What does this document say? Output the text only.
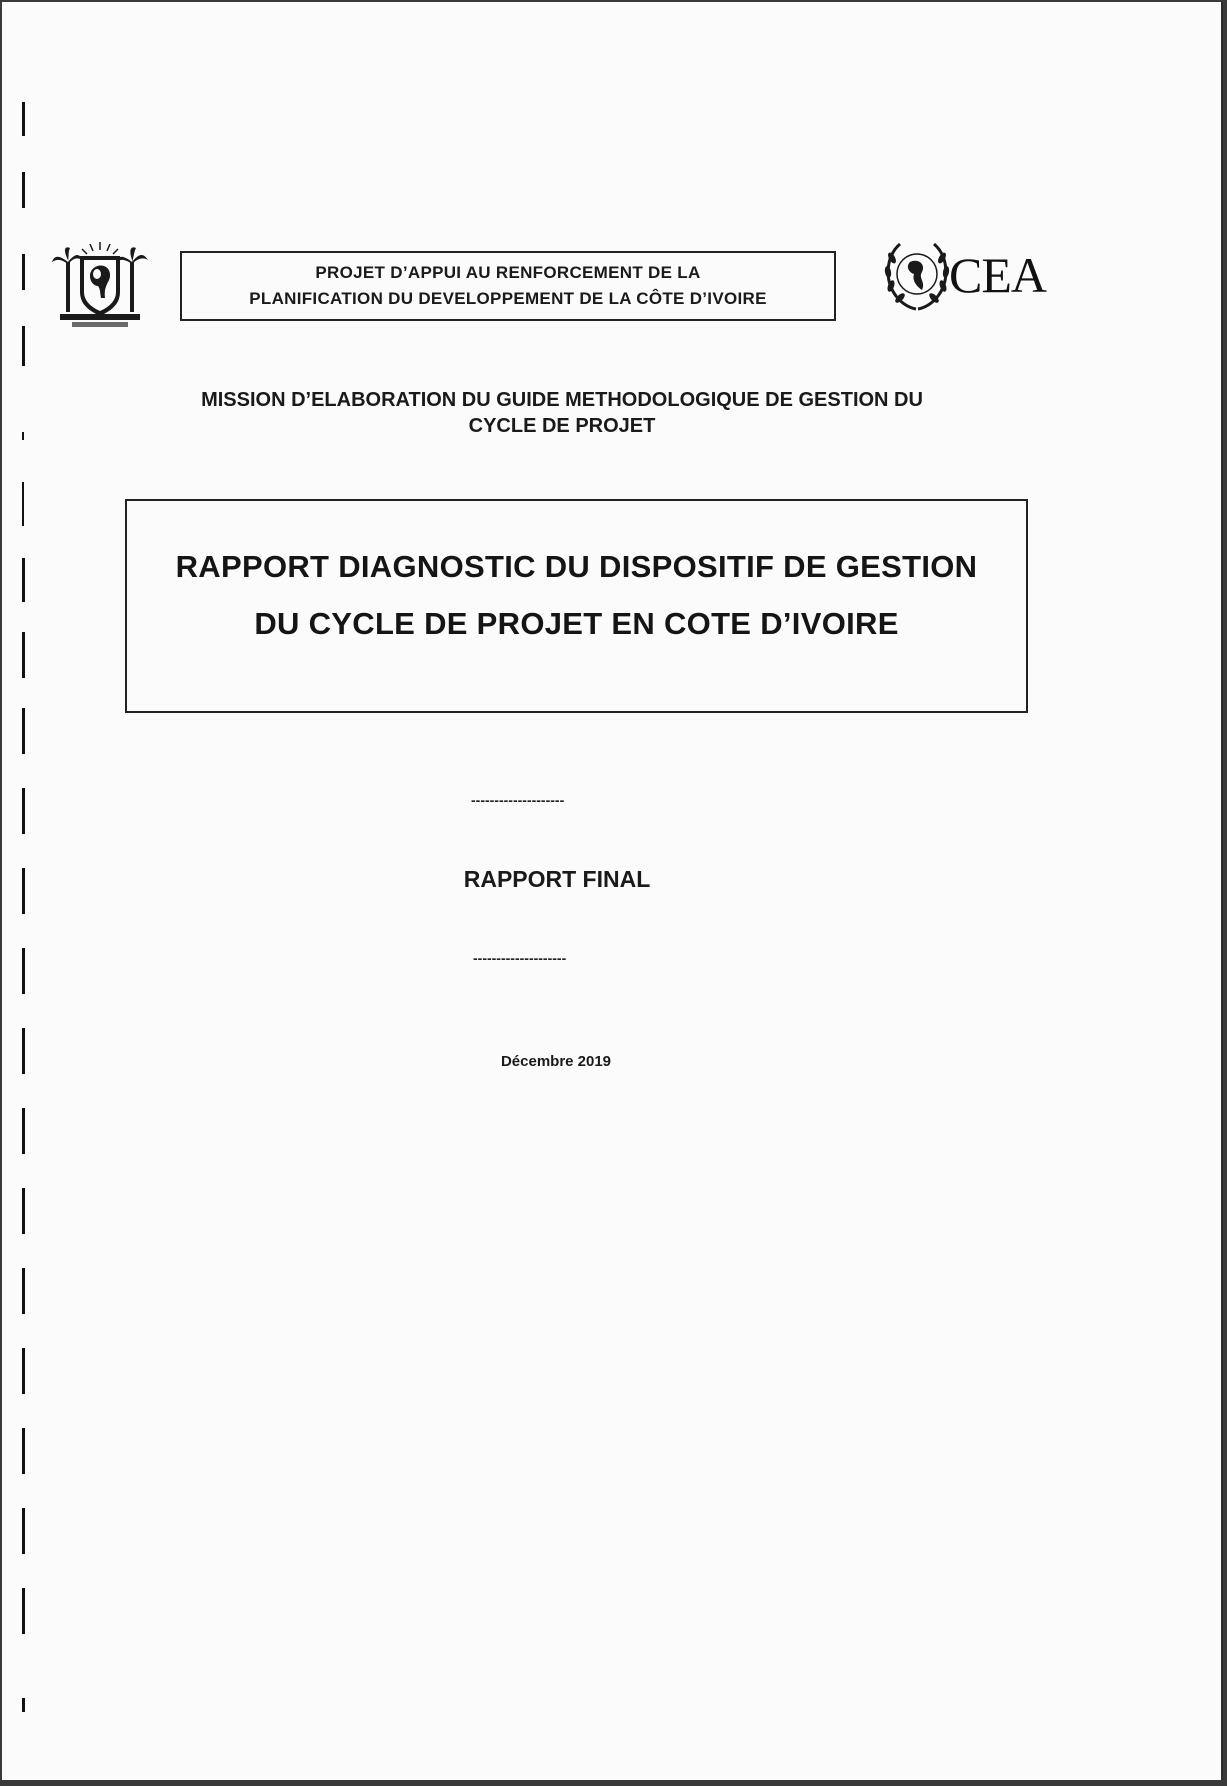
PROJET D’APPUI AU RENFORCEMENT DE LA
PLANIFICATION DU DEVELOPPEMENT DE LA CÔTE D’IVOIRE	CEA
MISSION D’ELABORATION DU GUIDE METHODOLOGIQUE DE GESTION DU
CYCLE DE PROJET
RAPPORT DIAGNOSTIC DU DISPOSITIF DE GESTION
DU CYCLE DE PROJET EN COTE D’IVOIRE
--------------------
RAPPORT FINAL
--------------------
Décembre 2019
